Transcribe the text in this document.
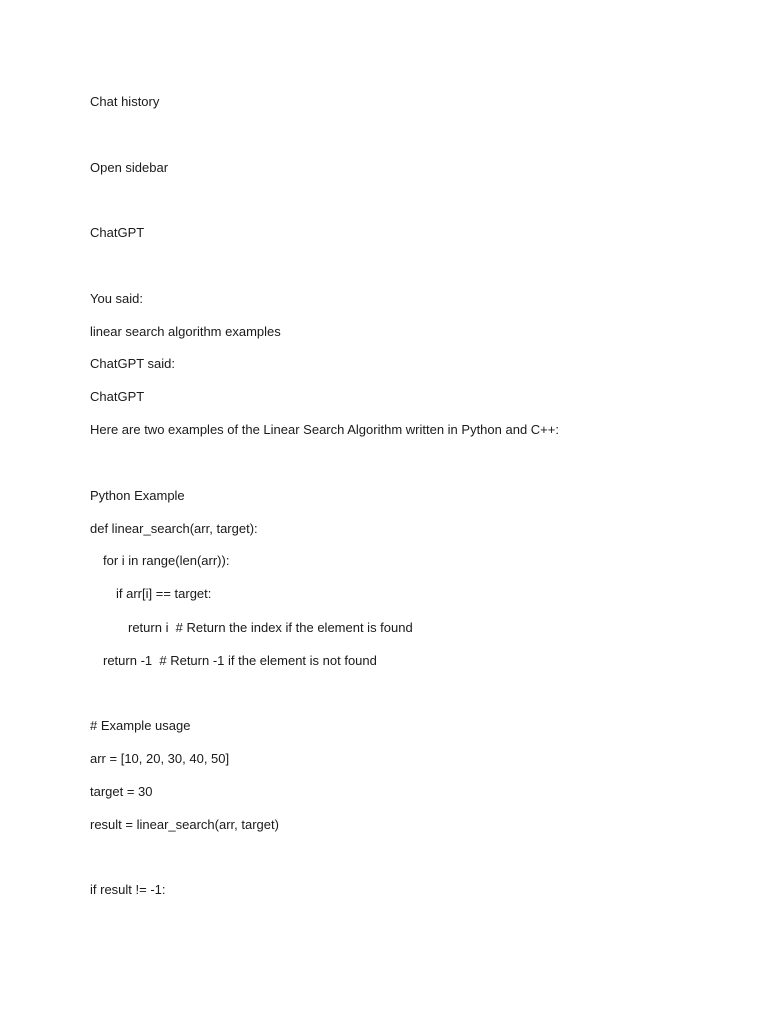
Chat history
Open sidebar
ChatGPT
You said:
linear search algorithm examples
ChatGPT said:
ChatGPT
Here are two examples of the Linear Search Algorithm written in Python and C++:
Python Example
def linear_search(arr, target):
for i in range(len(arr)):
if arr[i] == target:
return i  # Return the index if the element is found
return -1  # Return -1 if the element is not found
# Example usage
arr = [10, 20, 30, 40, 50]
target = 30
result = linear_search(arr, target)
if result != -1:
